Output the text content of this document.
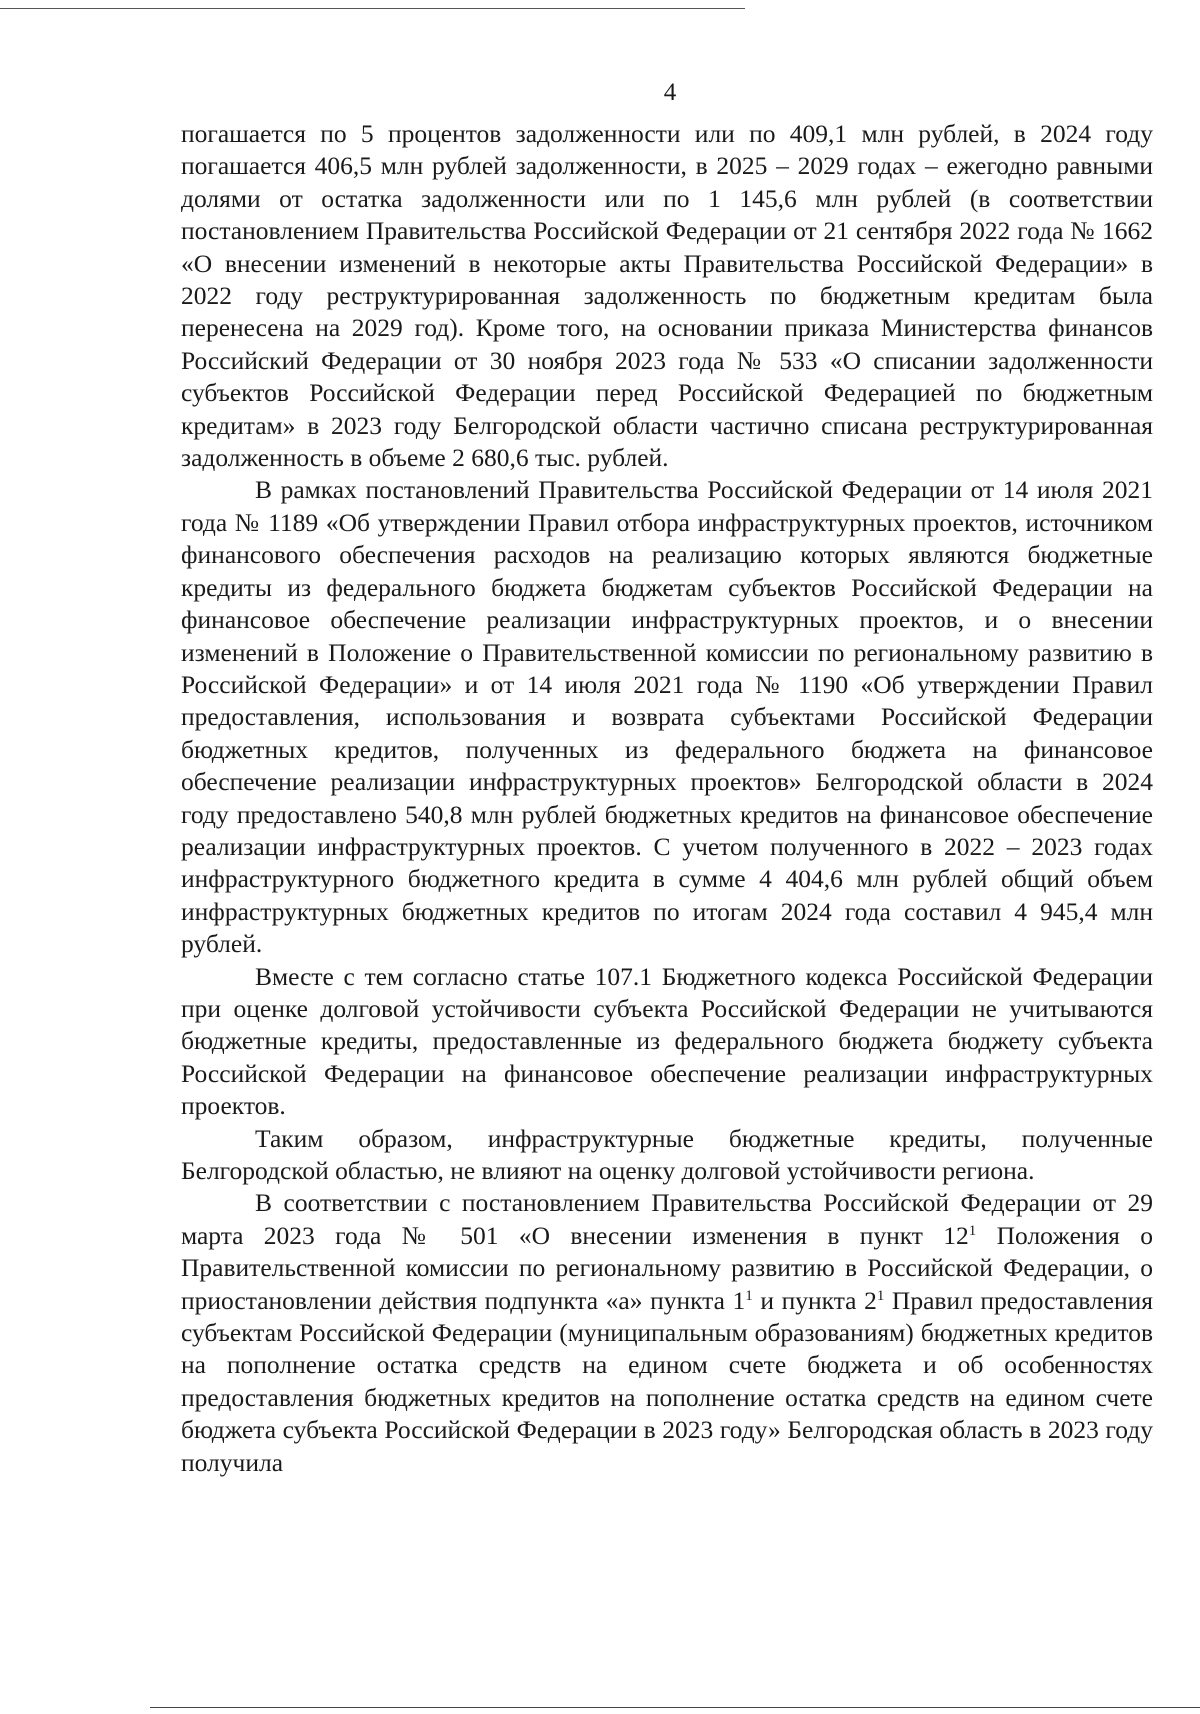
4

погашается по 5 процентов задолженности или по 409,1 млн рублей, в 2024 году погашается 406,5 млн рублей задолженности, в 2025 – 2029 годах – ежегодно равными долями от остатка задолженности или по 1 145,6 млн рублей (в соответствии постановлением Правительства Российской Федерации от 21 сентября 2022 года № 1662 «О внесении изменений в некоторые акты Правительства Российской Федерации» в 2022 году реструктурированная задолженность по бюджетным кредитам была перенесена на 2029 год). Кроме того, на основании приказа Министерства финансов Российский Федерации от 30 ноября 2023 года № 533 «О списании задолженности субъектов Российской Федерации перед Российской Федерацией по бюджетным кредитам» в 2023 году Белгородской области частично списана реструктурированная задолженность в объеме 2 680,6 тыс. рублей.

В рамках постановлений Правительства Российской Федерации от 14 июля 2021 года № 1189 «Об утверждении Правил отбора инфраструктурных проектов, источником финансового обеспечения расходов на реализацию которых являются бюджетные кредиты из федерального бюджета бюджетам субъектов Российской Федерации на финансовое обеспечение реализации инфраструктурных проектов, и о внесении изменений в Положение о Правительственной комиссии по региональному развитию в Российской Федерации» и от 14 июля 2021 года № 1190 «Об утверждении Правил предоставления, использования и возврата субъектами Российской Федерации бюджетных кредитов, полученных из федерального бюджета на финансовое обеспечение реализации инфраструктурных проектов» Белгородской области в 2024 году предоставлено 540,8 млн рублей бюджетных кредитов на финансовое обеспечение реализации инфраструктурных проектов. С учетом полученного в 2022 – 2023 годах инфраструктурного бюджетного кредита в сумме 4 404,6 млн рублей общий объем инфраструктурных бюджетных кредитов по итогам 2024 года составил 4 945,4 млн рублей.

Вместе с тем согласно статье 107.1 Бюджетного кодекса Российской Федерации при оценке долговой устойчивости субъекта Российской Федерации не учитываются бюджетные кредиты, предоставленные из федерального бюджета бюджету субъекта Российской Федерации на финансовое обеспечение реализации инфраструктурных проектов.

Таким образом, инфраструктурные бюджетные кредиты, полученные Белгородской областью, не влияют на оценку долговой устойчивости региона.

В соответствии с постановлением Правительства Российской Федерации от 29 марта 2023 года № 501 «О внесении изменения в пункт $12^1$ Положения о Правительственной комиссии по региональному развитию в Российской Федерации, о приостановлении действия подпункта «а» пункта $1^1$ и пункта $2^1$ Правил предоставления субъектам Российской Федерации (муниципальным образованиям) бюджетных кредитов на пополнение остатка средств на едином счете бюджета и об особенностях предоставления бюджетных кредитов на пополнение остатка средств на едином счете бюджета субъекта Российской Федерации в 2023 году» Белгородская область в 2023 году получила
